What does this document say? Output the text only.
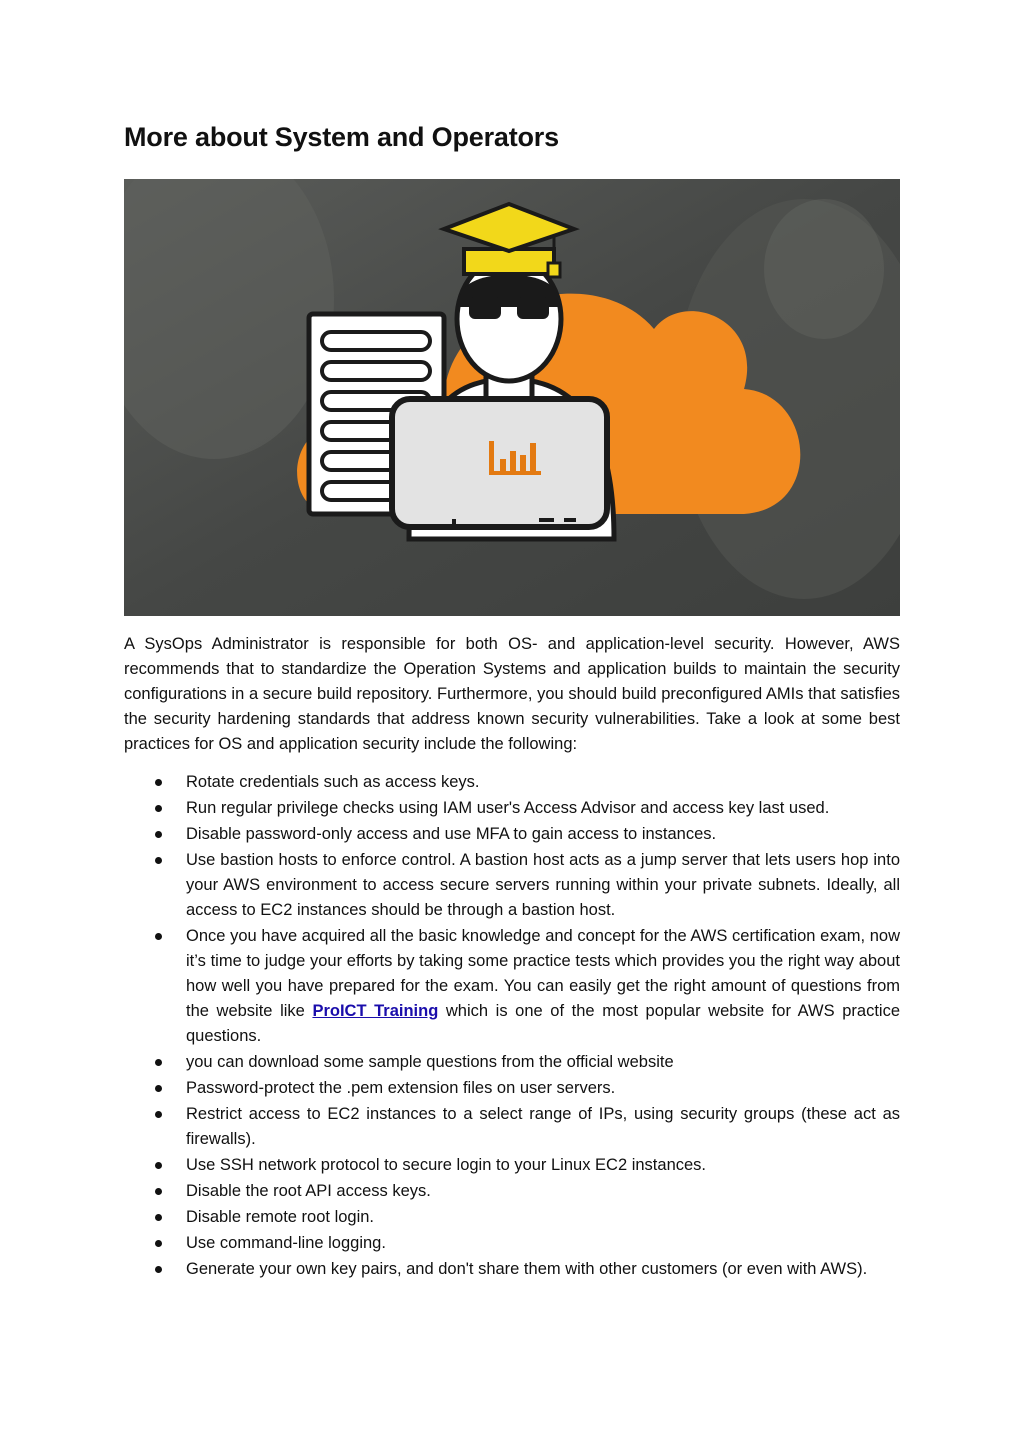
More about System and Operators

A SysOps Administrator is responsible for both OS- and application-level security. However, AWS recommends that to standardize the Operation Systems and application builds to maintain the security configurations in a secure build repository. Furthermore, you should build preconfigured AMIs that satisfies the security hardening standards that address known security vulnerabilities. Take a look at some best practices for OS and application security include the following:

Rotate credentials such as access keys.
Run regular privilege checks using IAM user's Access Advisor and access key last used.
Disable password-only access and use MFA to gain access to instances.
Use bastion hosts to enforce control. A bastion host acts as a jump server that lets users hop into your AWS environment to access secure servers running within your private subnets. Ideally, all access to EC2 instances should be through a bastion host.
Once you have acquired all the basic knowledge and concept for the AWS certification exam, now it’s time to judge your efforts by taking some practice tests which provides you the right way about how well you have prepared for the exam. You can easily get the right amount of questions from the website like ProICT Training which is one of the most popular website for AWS practice questions.
you can download some sample questions from the official website
Password-protect the .pem extension files on user servers.
Restrict access to EC2 instances to a select range of IPs, using security groups (these act as firewalls).
Use SSH network protocol to secure login to your Linux EC2 instances.
Disable the root API access keys.
Disable remote root login.
Use command-line logging.
Generate your own key pairs, and don't share them with other customers (or even with AWS).
